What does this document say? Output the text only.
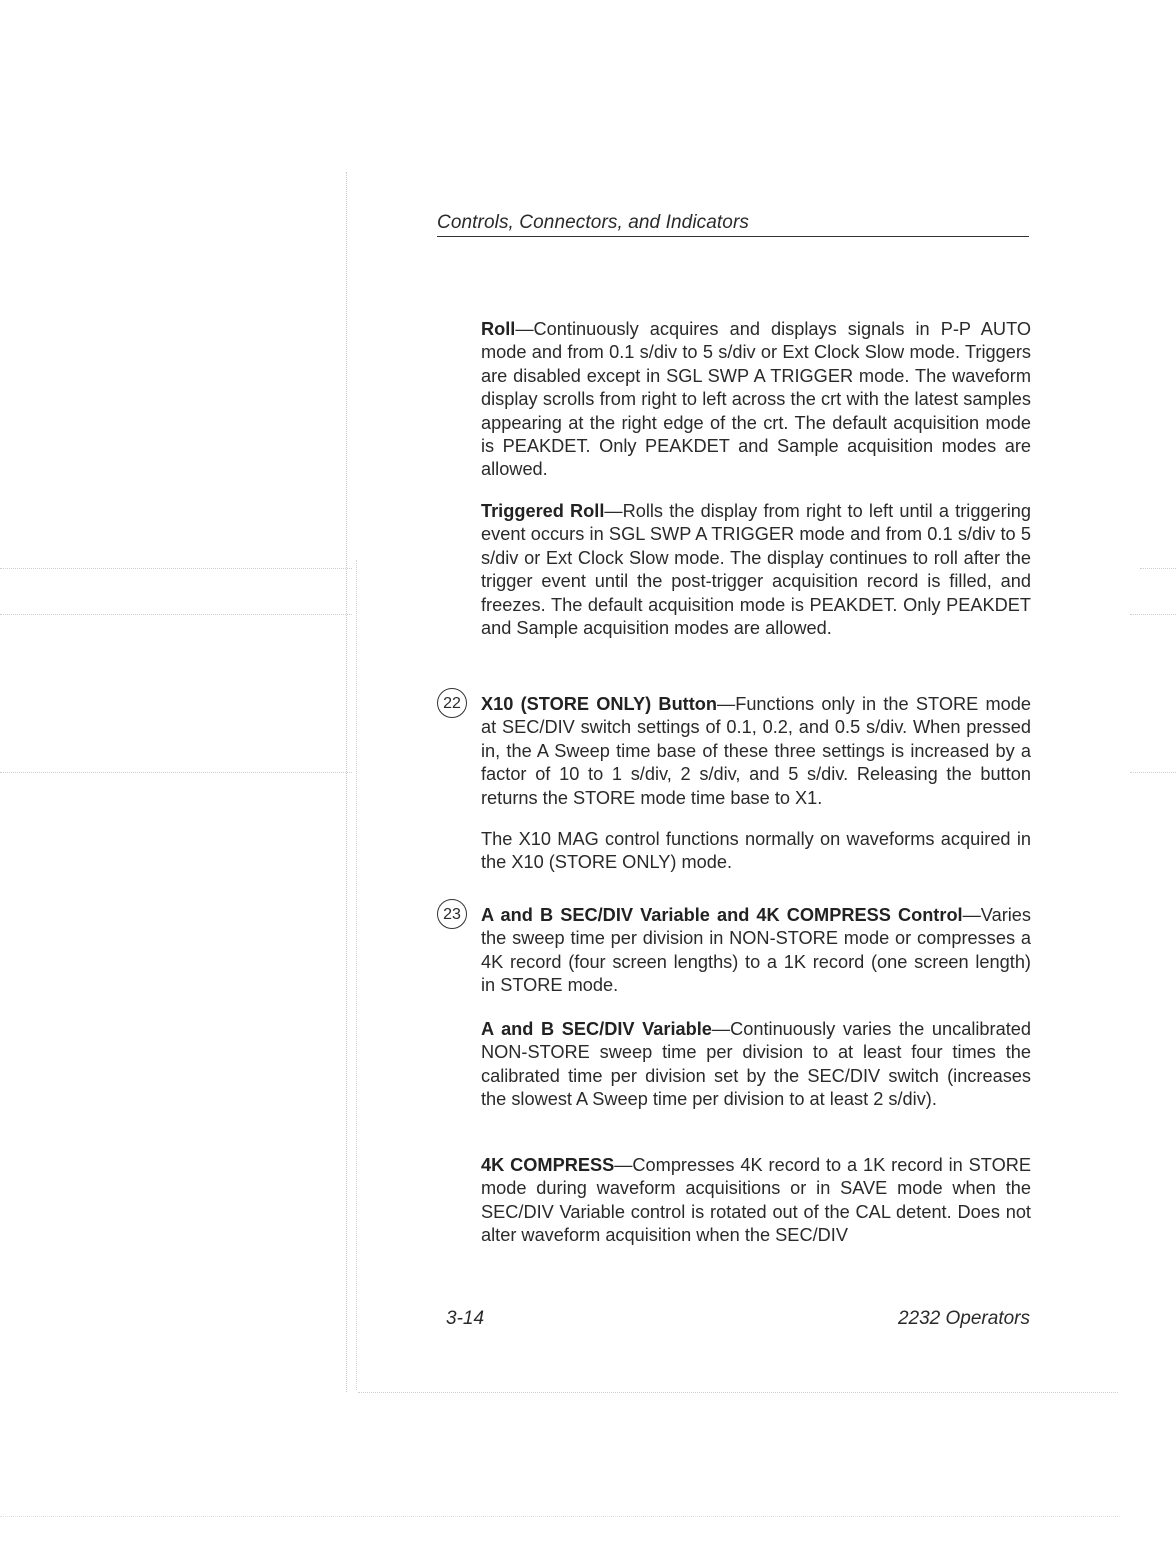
Controls, Connectors, and Indicators

Roll—Continuously acquires and displays signals in P-P AUTO mode and from 0.1 s/div to 5 s/div or Ext Clock Slow mode. Triggers are disabled except in SGL SWP A TRIGGER mode. The waveform display scrolls from right to left across the crt with the latest samples appearing at the right edge of the crt. The default acquisition mode is PEAKDET. Only PEAKDET and Sample acquisition modes are allowed.

Triggered Roll—Rolls the display from right to left until a triggering event occurs in SGL SWP A TRIGGER mode and from 0.1 s/div to 5 s/div or Ext Clock Slow mode. The display continues to roll after the trigger event until the post-trigger acquisition record is filled, and freezes. The default acquisition mode is PEAKDET. Only PEAKDET and Sample acquisition modes are allowed.

22	X10 (STORE ONLY) Button—Functions only in the STORE mode at SEC/DIV switch settings of 0.1, 0.2, and 0.5 s/div. When pressed in, the A Sweep time base of these three settings is increased by a factor of 10 to 1 s/div, 2 s/div, and 5 s/div. Releasing the button returns the STORE mode time base to X1.

The X10 MAG control functions normally on waveforms acquired in the X10 (STORE ONLY) mode.

23	A and B SEC/DIV Variable and 4K COMPRESS Control—Varies the sweep time per division in NON-STORE mode or compresses a 4K record (four screen lengths) to a 1K record (one screen length) in STORE mode.

A and B SEC/DIV Variable—Continuously varies the uncalibrated NON-STORE sweep time per division to at least four times the calibrated time per division set by the SEC/DIV switch (increases the slowest A Sweep time per division to at least 2 s/div).

4K COMPRESS—Compresses 4K record to a 1K record in STORE mode during waveform acquisitions or in SAVE mode when the SEC/DIV Variable control is rotated out of the CAL detent. Does not alter waveform acquisition when the SEC/DIV

3-14	2232 Operators
